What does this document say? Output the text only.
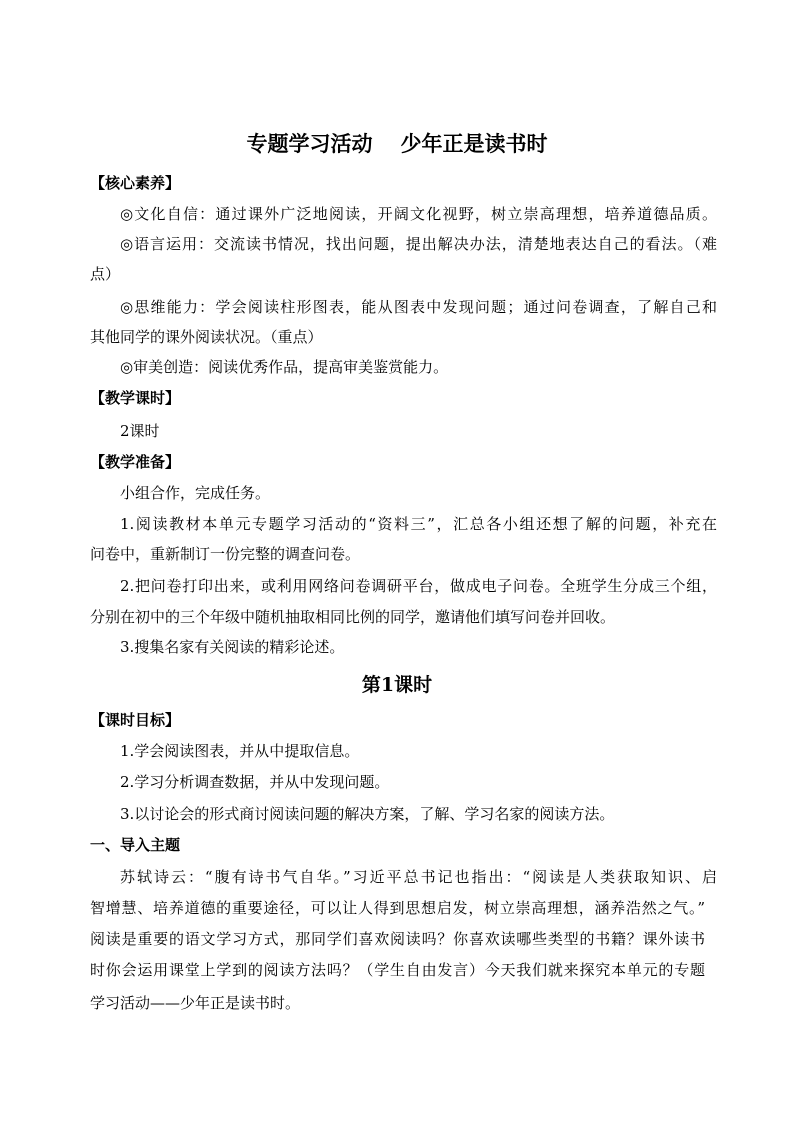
专题学习活动 少年正是读书时
【核心素养】
◎文化自信：通过课外广泛地阅读，开阔文化视野，树立崇高理想，培养道德品质。
◎语言运用：交流读书情况，找出问题，提出解决办法，清楚地表达自己的看法。（难
点）
◎思维能力：学会阅读柱形图表，能从图表中发现问题；通过问卷调查，了解自己和
其他同学的课外阅读状况。（重点）
◎审美创造：阅读优秀作品，提高审美鉴赏能力。
【教学课时】
2课时
【教学准备】
小组合作，完成任务。
1.阅读教材本单元专题学习活动的“资料三”，汇总各小组还想了解的问题，补充在
问卷中，重新制订一份完整的调查问卷。
2.把问卷打印出来，或利用网络问卷调研平台，做成电子问卷。全班学生分成三个组，
分别在初中的三个年级中随机抽取相同比例的同学，邀请他们填写问卷并回收。
3.搜集名家有关阅读的精彩论述。
第1课时
【课时目标】
1.学会阅读图表，并从中提取信息。
2.学习分析调查数据，并从中发现问题。
3.以讨论会的形式商讨阅读问题的解决方案，了解、学习名家的阅读方法。
一、导入主题
苏轼诗云：“腹有诗书气自华。”习近平总书记也指出：“阅读是人类获取知识、启
智增慧、培养道德的重要途径，可以让人得到思想启发，树立崇高理想，涵养浩然之气。”
阅读是重要的语文学习方式，那同学们喜欢阅读吗？你喜欢读哪些类型的书籍？课外读书
时你会运用课堂上学到的阅读方法吗？（学生自由发言）今天我们就来探究本单元的专题
学习活动——少年正是读书时。
